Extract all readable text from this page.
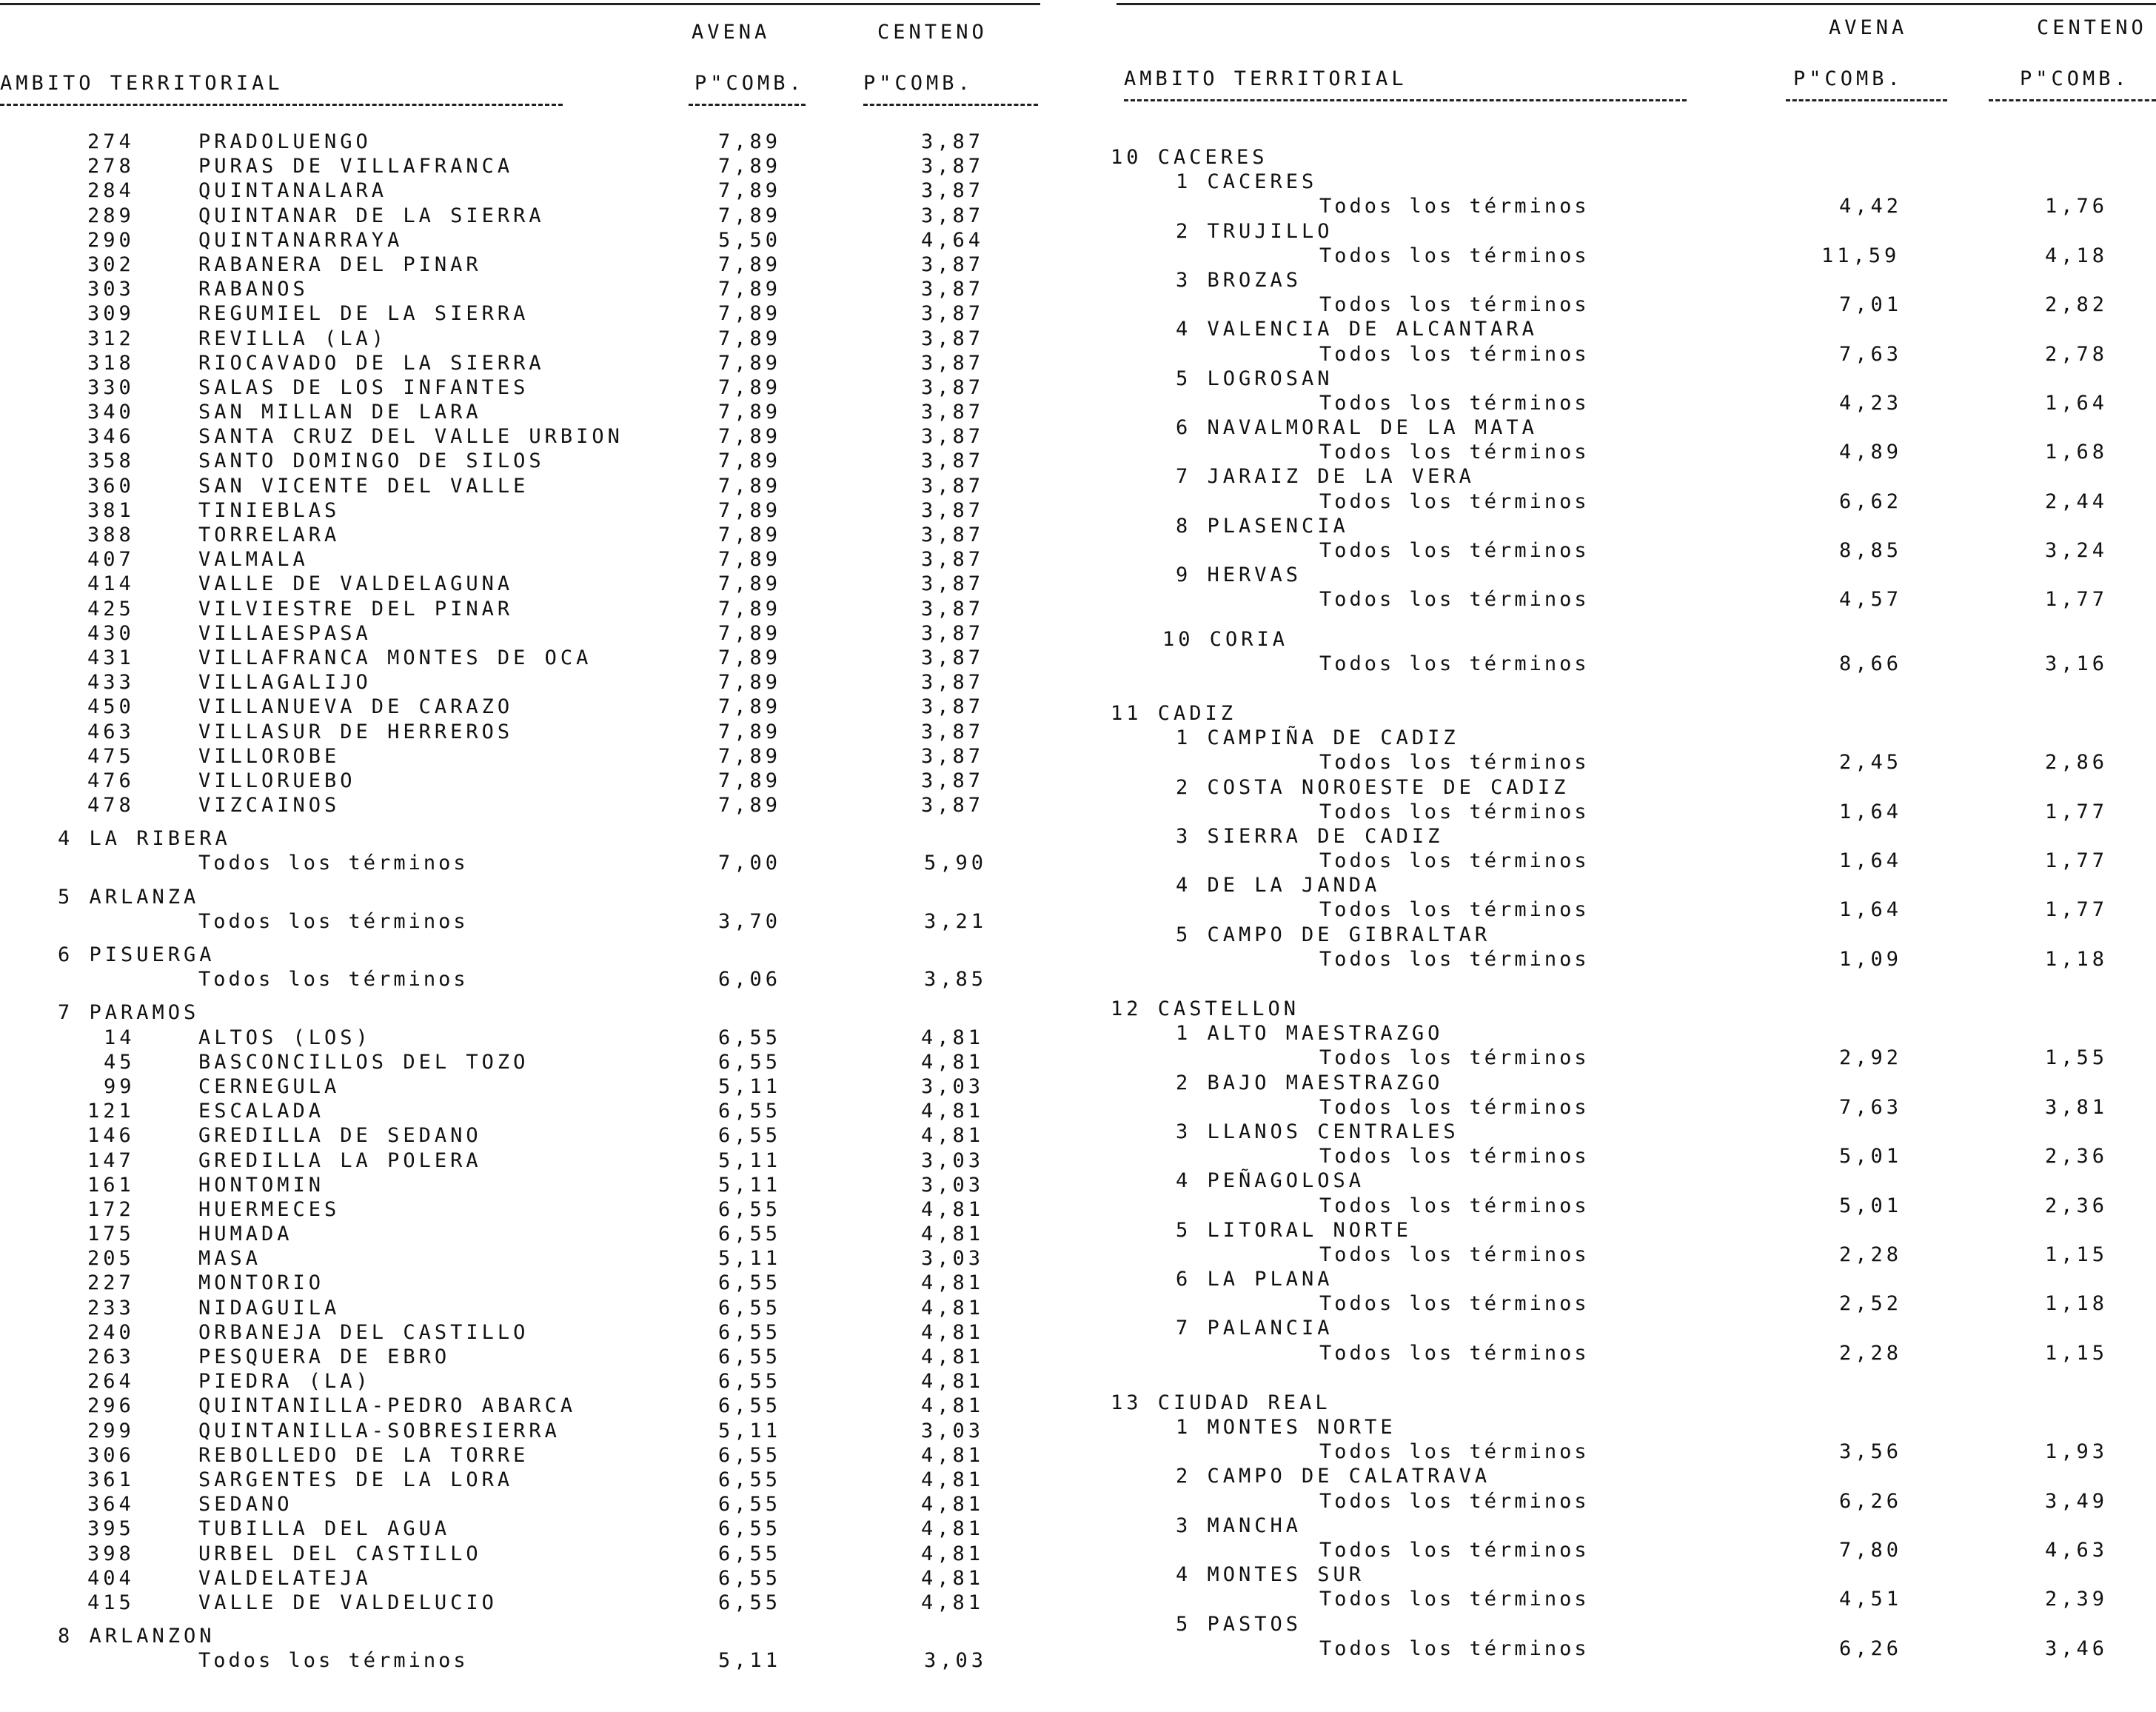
AVENA	CENTENO
AMBITO TERRITORIAL	P"COMB.	P"COMB.
274	PRADOLUENGO	7,89	3,87
278	PURAS DE VILLAFRANCA	7,89	3,87
284	QUINTANALARA	7,89	3,87
289	QUINTANAR DE LA SIERRA	7,89	3,87
290	QUINTANARRAYA	5,50	4,64
302	RABANERA DEL PINAR	7,89	3,87
303	RABANOS	7,89	3,87
309	REGUMIEL DE LA SIERRA	7,89	3,87
312	REVILLA (LA)	7,89	3,87
318	RIOCAVADO DE LA SIERRA	7,89	3,87
330	SALAS DE LOS INFANTES	7,89	3,87
340	SAN MILLAN DE LARA	7,89	3,87
346	SANTA CRUZ DEL VALLE URBION	7,89	3,87
358	SANTO DOMINGO DE SILOS	7,89	3,87
360	SAN VICENTE DEL VALLE	7,89	3,87
381	TINIEBLAS	7,89	3,87
388	TORRELARA	7,89	3,87
407	VALMALA	7,89	3,87
414	VALLE DE VALDELAGUNA	7,89	3,87
425	VILVIESTRE DEL PINAR	7,89	3,87
430	VILLAESPASA	7,89	3,87
431	VILLAFRANCA MONTES DE OCA	7,89	3,87
433	VILLAGALIJO	7,89	3,87
450	VILLANUEVA DE CARAZO	7,89	3,87
463	VILLASUR DE HERREROS	7,89	3,87
475	VILLOROBE	7,89	3,87
476	VILLORUEBO	7,89	3,87
478	VIZCAINOS	7,89	3,87
4 LA RIBERA
Todos los términos	7,00	5,90
5 ARLANZA
Todos los términos	3,70	3,21
6 PISUERGA
Todos los términos	6,06	3,85
7 PARAMOS
14	ALTOS (LOS)	6,55	4,81
45	BASCONCILLOS DEL TOZO	6,55	4,81
99	CERNEGULA	5,11	3,03
121	ESCALADA	6,55	4,81
146	GREDILLA DE SEDANO	6,55	4,81
147	GREDILLA LA POLERA	5,11	3,03
161	HONTOMIN	5,11	3,03
172	HUERMECES	6,55	4,81
175	HUMADA	6,55	4,81
205	MASA	5,11	3,03
227	MONTORIO	6,55	4,81
233	NIDAGUILA	6,55	4,81
240	ORBANEJA DEL CASTILLO	6,55	4,81
263	PESQUERA DE EBRO	6,55	4,81
264	PIEDRA (LA)	6,55	4,81
296	QUINTANILLA-PEDRO ABARCA	6,55	4,81
299	QUINTANILLA-SOBRESIERRA	5,11	3,03
306	REBOLLEDO DE LA TORRE	6,55	4,81
361	SARGENTES DE LA LORA	6,55	4,81
364	SEDANO	6,55	4,81
395	TUBILLA DEL AGUA	6,55	4,81
398	URBEL DEL CASTILLO	6,55	4,81
404	VALDELATEJA	6,55	4,81
415	VALLE DE VALDELUCIO	6,55	4,81
8 ARLANZON
Todos los términos	5,11	3,03
AVENA	CENTENO
AMBITO TERRITORIAL	P"COMB.	P"COMB.
10 CACERES
1 CACERES
Todos los términos	4,42	1,76
2 TRUJILLO
Todos los términos	11,59	4,18
3 BROZAS
Todos los términos	7,01	2,82
4 VALENCIA DE ALCANTARA
Todos los términos	7,63	2,78
5 LOGROSAN
Todos los términos	4,23	1,64
6 NAVALMORAL DE LA MATA
Todos los términos	4,89	1,68
7 JARAIZ DE LA VERA
Todos los términos	6,62	2,44
8 PLASENCIA
Todos los términos	8,85	3,24
9 HERVAS
Todos los términos	4,57	1,77
10 CORIA
Todos los términos	8,66	3,16
11 CADIZ
1 CAMPIÑA DE CADIZ
Todos los términos	2,45	2,86
2 COSTA NOROESTE DE CADIZ
Todos los términos	1,64	1,77
3 SIERRA DE CADIZ
Todos los términos	1,64	1,77
4 DE LA JANDA
Todos los términos	1,64	1,77
5 CAMPO DE GIBRALTAR
Todos los términos	1,09	1,18
12 CASTELLON
1 ALTO MAESTRAZGO
Todos los términos	2,92	1,55
2 BAJO MAESTRAZGO
Todos los términos	7,63	3,81
3 LLANOS CENTRALES
Todos los términos	5,01	2,36
4 PEÑAGOLOSA
Todos los términos	5,01	2,36
5 LITORAL NORTE
Todos los términos	2,28	1,15
6 LA PLANA
Todos los términos	2,52	1,18
7 PALANCIA
Todos los términos	2,28	1,15
13 CIUDAD REAL
1 MONTES NORTE
Todos los términos	3,56	1,93
2 CAMPO DE CALATRAVA
Todos los términos	6,26	3,49
3 MANCHA
Todos los términos	7,80	4,63
4 MONTES SUR
Todos los términos	4,51	2,39
5 PASTOS
Todos los términos	6,26	3,46
